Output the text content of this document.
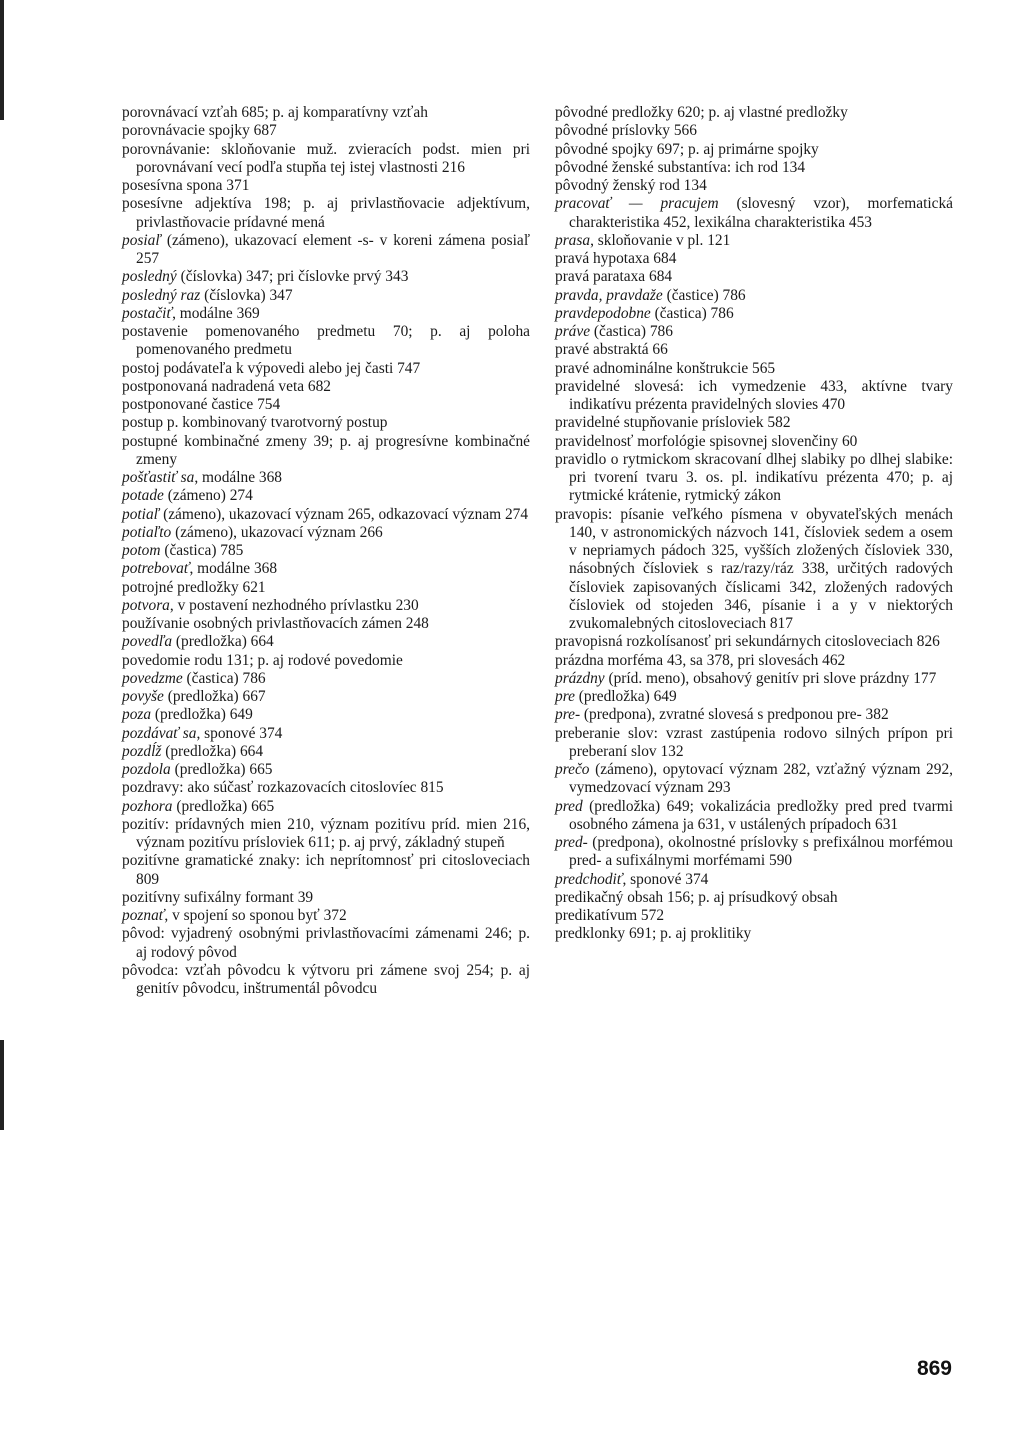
porovnávací vzťah 685; p. aj komparatívny vzťah

porovnávacie spojky 687

porovnávanie: skloňovanie muž. zvieracích podst. mien pri porovnávaní vecí podľa stupňa tej istej vlastnosti 216

posesívna spona 371

posesívne adjektíva 198; p. aj privlastňovacie adjektívum, privlastňovacie prídavné mená

posiaľ (zámeno), ukazovací element -s- v koreni zámena posiaľ 257

posledný (číslovka) 347; pri číslovke prvý 343

posledný raz (číslovka) 347

postačiť, modálne 369

postavenie pomenovaného predmetu 70; p. aj poloha pomenovaného predmetu

postoj podávateľa k výpovedi alebo jej časti 747

postponovaná nadradená veta 682

postponované častice 754

postup p. kombinovaný tvarotvorný postup

postupné kombinačné zmeny 39; p. aj progresívne kombinačné zmeny

pošťastiť sa, modálne 368

potade (zámeno) 274

potiaľ (zámeno), ukazovací význam 265, odkazovací význam 274

potiaľto (zámeno), ukazovací význam 266

potom (častica) 785

potrebovať, modálne 368

potrojné predložky 621

potvora, v postavení nezhodného prívlastku 230

používanie osobných privlastňovacích zámen 248

povedľa (predložka) 664

povedomie rodu 131; p. aj rodové povedomie

povedzme (častica) 786

povyše (predložka) 667

poza (predložka) 649

pozdávať sa, sponové 374

pozdĺž (predložka) 664

pozdola (predložka) 665

pozdravy: ako súčasť rozkazovacích citoslovíec 815

pozhora (predložka) 665

pozitív: prídavných mien 210, význam pozitívu príd. mien 216, význam pozitívu prísloviek 611; p. aj prvý, základný stupeň

pozitívne gramatické znaky: ich neprítomnosť pri citosloveciach 809

pozitívny sufixálny formant 39

poznať, v spojení so sponou byť 372

pôvod: vyjadrený osobnými privlastňovacími zámenami 246; p. aj rodový pôvod

pôvodca: vzťah pôvodcu k výtvoru pri zámene svoj 254; p. aj genitív pôvodcu, inštrumentál pôvodcu

pôvodné predložky 620; p. aj vlastné predložky

pôvodné príslovky 566

pôvodné spojky 697; p. aj primárne spojky

pôvodné ženské substantíva: ich rod 134

pôvodný ženský rod 134

pracovať — pracujem (slovesný vzor), morfematická charakteristika 452, lexikálna charakteristika 453

prasa, skloňovanie v pl. 121

pravá hypotaxa 684

pravá parataxa 684

pravda, pravdaže (častice) 786

pravdepodobne (častica) 786

práve (častica) 786

pravé abstraktá 66

pravé adnominálne konštrukcie 565

pravidelné slovesá: ich vymedzenie 433, aktívne tvary indikatívu prézenta pravidelných slovies 470

pravidelné stupňovanie prísloviek 582

pravidelnosť morfológie spisovnej slovenčiny 60

pravidlo o rytmickom skracovaní dlhej slabiky po dlhej slabike: pri tvorení tvaru 3. os. pl. indikatívu prézenta 470; p. aj rytmické krátenie, rytmický zákon

pravopis: písanie veľkého písmena v obyvateľských menách 140, v astronomických názvoch 141, čísloviek sedem a osem v nepriamych pádoch 325, vyšších zložených čísloviek 330, násobných čísloviek s raz/razy/ráz 338, určitých radových čísloviek zapisovaných číslicami 342, zložených radových čísloviek od stojeden 346, písanie i a y v niektorých zvukomalebných citosloveciach 817

pravopisná rozkolísanosť pri sekundárnych citosloveciach 826

prázdna morféma 43, sa 378, pri slovesách 462

prázdny (príd. meno), obsahový genitív pri slove prázdny 177

pre (predložka) 649

pre- (predpona), zvratné slovesá s predponou pre- 382

preberanie slov: vzrast zastúpenia rodovo silných prípon pri preberaní slov 132

prečo (zámeno), opytovací význam 282, vzťažný význam 292, vymedzovací význam 293

pred (predložka) 649; vokalizácia predložky pred pred tvarmi osobného zámena ja 631, v ustálených prípadoch 631

pred- (predpona), okolnostné príslovky s prefixálnou morfémou pred- a sufixálnymi morfémami 590

predchodiť, sponové 374

predikačný obsah 156; p. aj prísudkový obsah

predikatívum 572

predklonky 691; p. aj proklitiky

869
